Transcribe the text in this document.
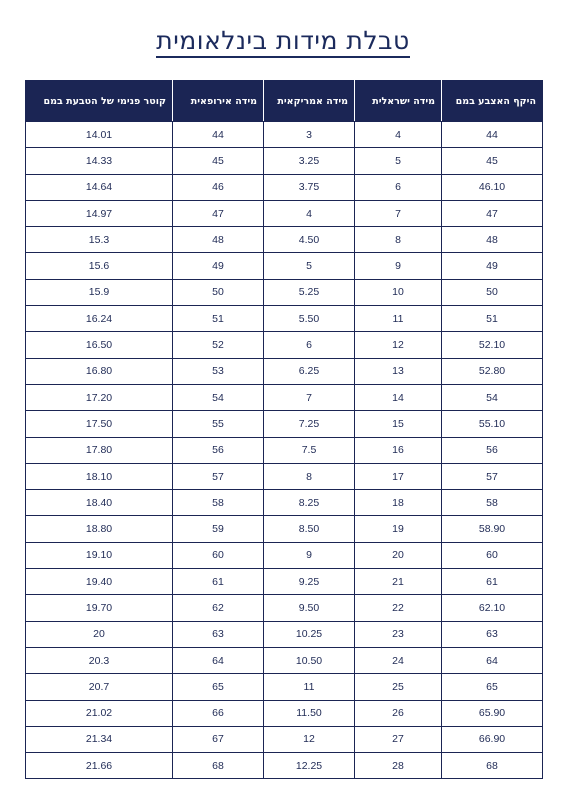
טבלת מידות בינלאומית
היקף האצבע במם	מידה ישראלית	מידה אמריקאית	מידה אירופאית	קוטר פנימי של הטבעת במם
44	4	3	44	14.01
45	5	3.25	45	14.33
46.10	6	3.75	46	14.64
47	7	4	47	14.97
48	8	4.50	48	15.3
49	9	5	49	15.6
50	10	5.25	50	15.9
51	11	5.50	51	16.24
52.10	12	6	52	16.50
52.80	13	6.25	53	16.80
54	14	7	54	17.20
55.10	15	7.25	55	17.50
56	16	7.5	56	17.80
57	17	8	57	18.10
58	18	8.25	58	18.40
58.90	19	8.50	59	18.80
60	20	9	60	19.10
61	21	9.25	61	19.40
62.10	22	9.50	62	19.70
63	23	10.25	63	20
64	24	10.50	64	20.3
65	25	11	65	20.7
65.90	26	11.50	66	21.02
66.90	27	12	67	21.34
68	28	12.25	68	21.66
